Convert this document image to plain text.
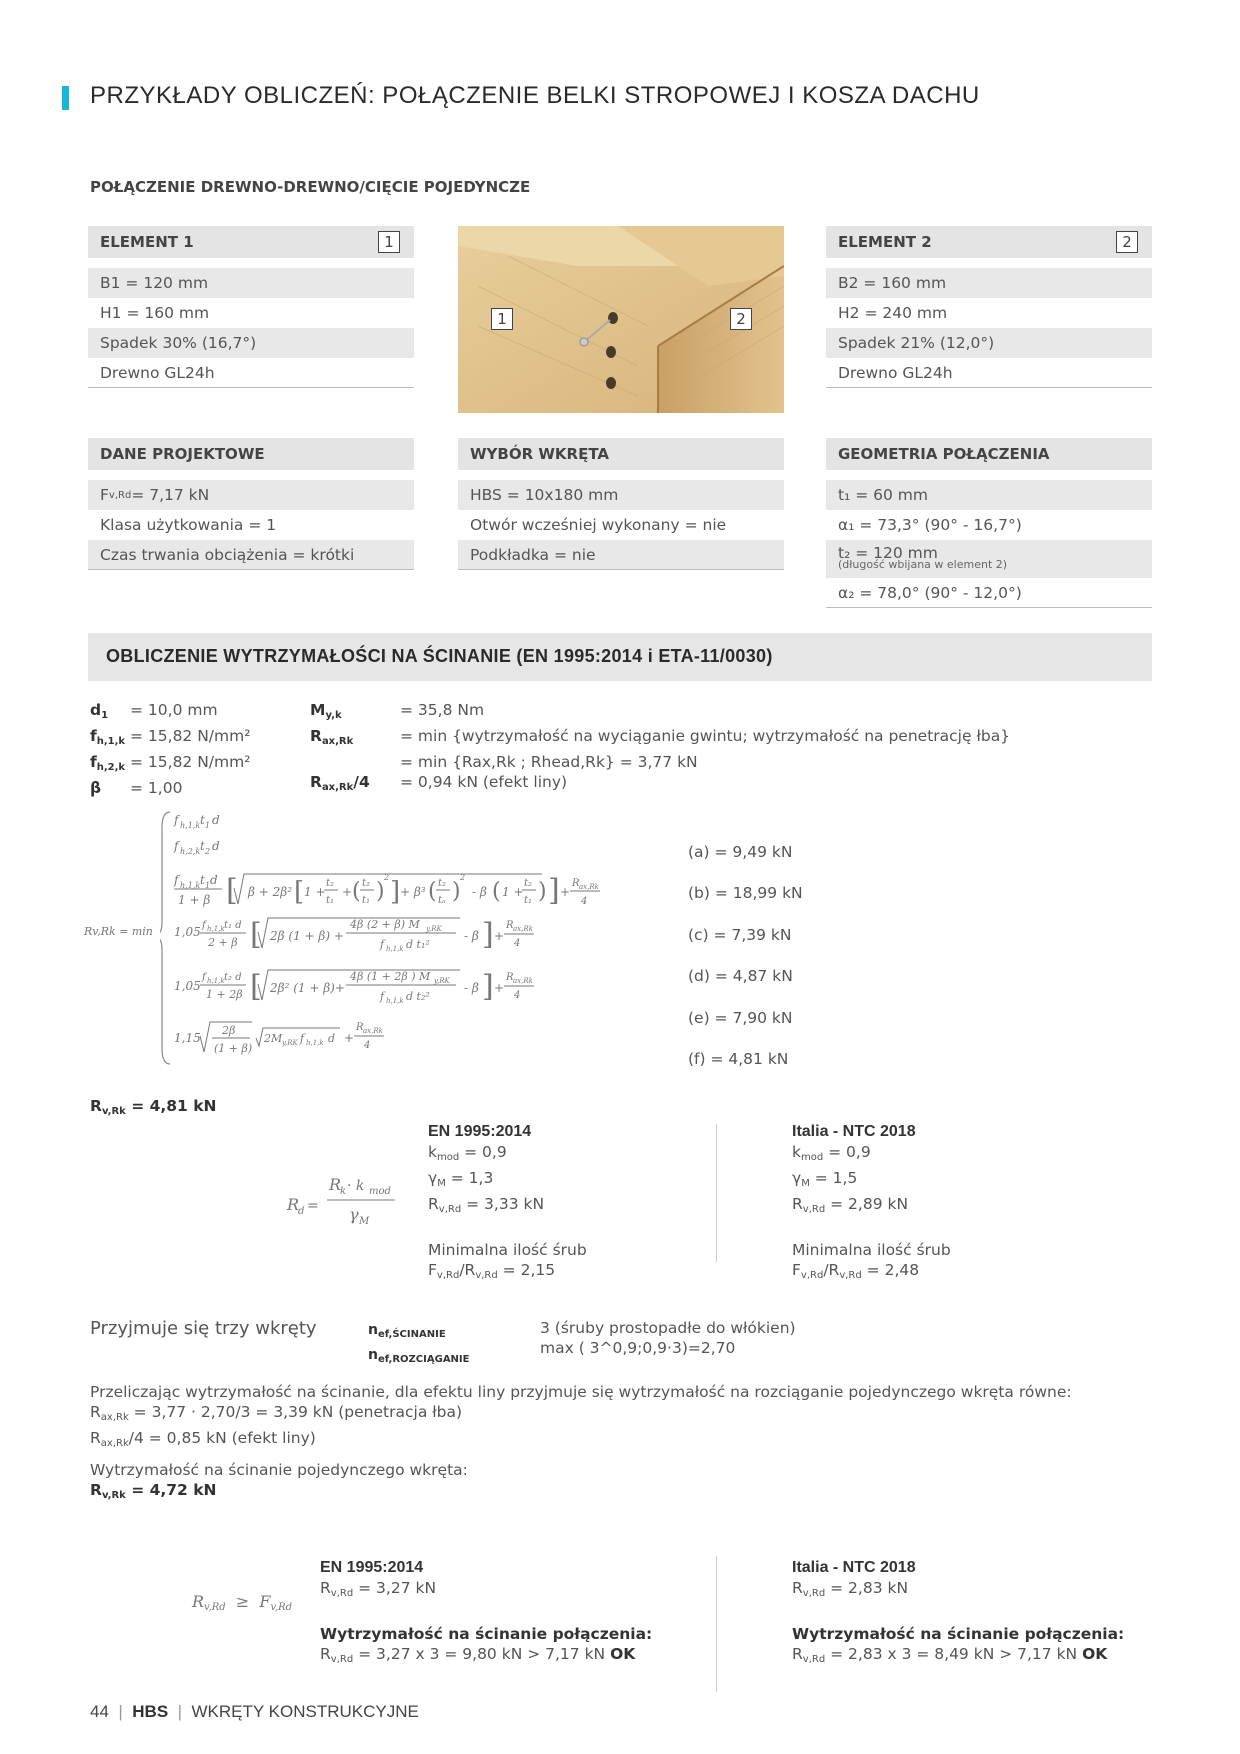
PRZYKŁADY OBLICZEŃ: POŁĄCZENIE BELKI STROPOWEJ I KOSZA DACHU
POŁĄCZENIE DREWNO-DREWNO/CIĘCIE POJEDYNCZE
ELEMENT 1	1
B1 = 120 mm
H1 = 160 mm
Spadek 30% (16,7°)
Drewno GL24h
1	2
ELEMENT 2	2
B2 = 160 mm
H2 = 240 mm
Spadek 21% (12,0°)
Drewno GL24h
DANE PROJEKTOWE
F v,Rd = 7,17 kN
Klasa użytkowania = 1
Czas trwania obciążenia = krótki
WYBÓR WKRĘTA
HBS = 10x180 mm
Otwór wcześniej wykonany = nie
Podkładka = nie
GEOMETRIA POŁĄCZENIA
t₁ = 60 mm
α₁ = 73,3° (90° - 16,7°)
t₂ = 120 mm
(długość wbijana w element 2)
α₂ = 78,0° (90° - 12,0°)
OBLICZENIE WYTRZYMAŁOŚCI NA ŚCINANIE (EN 1995:2014 i ETA-11/0030)
$d_1 = 10,0$ mm
$f_{h,1,k} = 15,82$ N/mm²
$f_{h,2,k} = 15,82$ N/mm²
β = 1,00
$M_{y,k}$	= 35,8 Nm
$R_{ax,Rk}$	= min {wytrzymałość na wyciąganie gwintu; wytrzymałość na penetrację łba}
= min {Rax,Rk ; Rhead,Rk} = 3,77 kN
$R_{ax,Rk}/4 = 0,94$ kN (efekt liny)
Rv,Rk = min
f h,1,k t 1 d
f h,2,k t 2 d
f h,1,k t 1 d
1 + β [ β + 2β² [ 1 +
t₂
t₁
+ ( t₂
t₁ )
2 ] + β³ ( t₂
tₐ )
2
- β ( 1 +
t₂
t₁ ) ] +
R ax,Rk
4
1,05 f h,1,k t₁ d
2 + β [ 2β (1 + β) +
4β (2 + β) M y,RK
f h,1,k d t₁²
- β ] +
R ax,Rk
4
1,05
f h,1,k t₂ d
1 + 2β [ 2β² (1 + β)+
4β (1 + 2β ) M y,RK
f h,1,k d t₂²
- β ] +
R ax,Rk
4
1,15
2β
(1 + β)
2M y,RK f h,1,k d +
R ax,Rk
4
(a) = 9,49 kN
(b) = 18,99 kN
(c) = 7,39 kN
(d) = 4,87 kN
(e) = 7,90 kN
(f) = 4,81 kN
$R_{v,Rk} = 4,81$ kN
R
d =
R
k · k mod
γ M
EN 1995:2014
$k_{mod} = 0,9$
$\gamma_M = 1,3$
$R_{v,Rd} = 3,33$ kN
Minimalna ilość śrub
$F_{v,Rd}/R_{v,Rd} = 2,15$
Italia - NTC 2018
$k_{mod} = 0,9$
$\gamma_M = 1,5$
$R_{v,Rd} = 2,89$ kN
Minimalna ilość śrub
$F_{v,Rd}/R_{v,Rd} = 2,48$
Przyjmuje się trzy wkręty	$n_{ef,ŚCINANIE}$
$n_{ef,ROZCIĄGANIE}$
3 (śruby prostopadłe do włókien)
max ( 3^0,9;0,9·3)=2,70
Przeliczając wytrzymałość na ścinanie, dla efektu liny przyjmuje się wytrzymałość na rozciąganie pojedynczego wkręta równe:
$R_{ax,Rk} = 3,77 \cdot 2,70/3 = 3,39$ kN (penetracja łba)
$R_{ax,Rk}/4 = 0,85$ kN (efekt liny)
Wytrzymałość na ścinanie pojedynczego wkręta:
$R_{v,Rk} = 4,72$ kN
$R_{v,Rd} \ge F_{v,Rd}$
EN 1995:2014
$R_{v,Rd} = 3,27$ kN
Wytrzymałość na ścinanie połączenia:
$R_{v,Rd} = 3,27$ x 3 = 9,80 kN > 7,17 kN OK
Italia - NTC 2018
$R_{v,Rd} = 2,83$ kN
Wytrzymałość na ścinanie połączenia:
$R_{v,Rd} = 2,83$ x 3 = 8,49 kN > 7,17 kN OK
44  |  HBS  |  WKRĘTY KONSTRUKCYJNE
